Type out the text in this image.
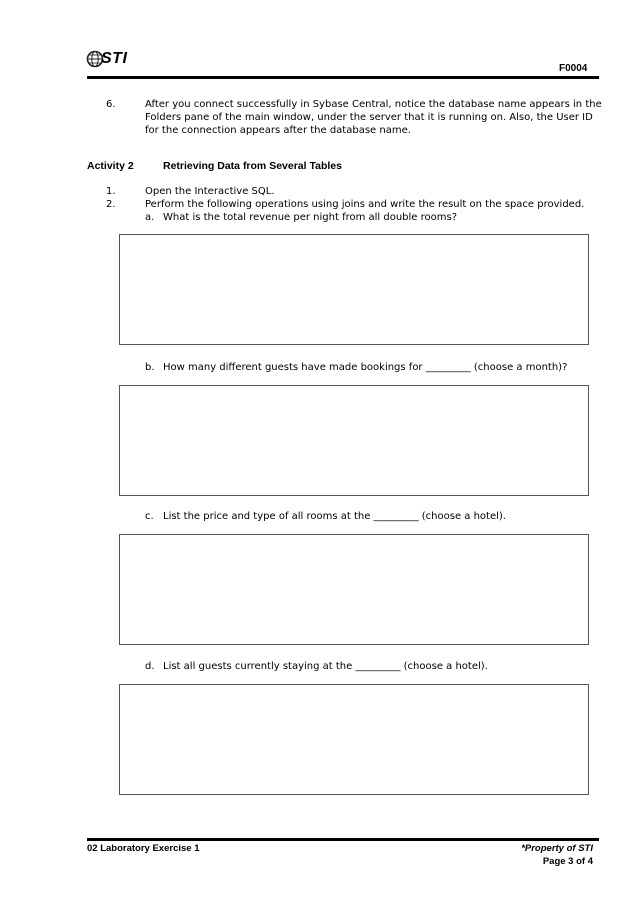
STI
F0004
6.	After you connect successfully in Sybase Central, notice the database name appears in the
Folders pane of the main window, under the server that it is running on. Also, the User ID
for the connection appears after the database name.
Activity 2	Retrieving Data from Several Tables
1.	Open the Interactive SQL.
2.	Perform the following operations using joins and write the result on the space provided.
a. What is the total revenue per night from all double rooms?
b. How many different guests have made bookings for _________ (choose a month)?
c. List the price and type of all rooms at the _________ (choose a hotel).
d. List all guests currently staying at the _________ (choose a hotel).
02 Laboratory Exercise 1	*Property of STI
Page 3 of 4
